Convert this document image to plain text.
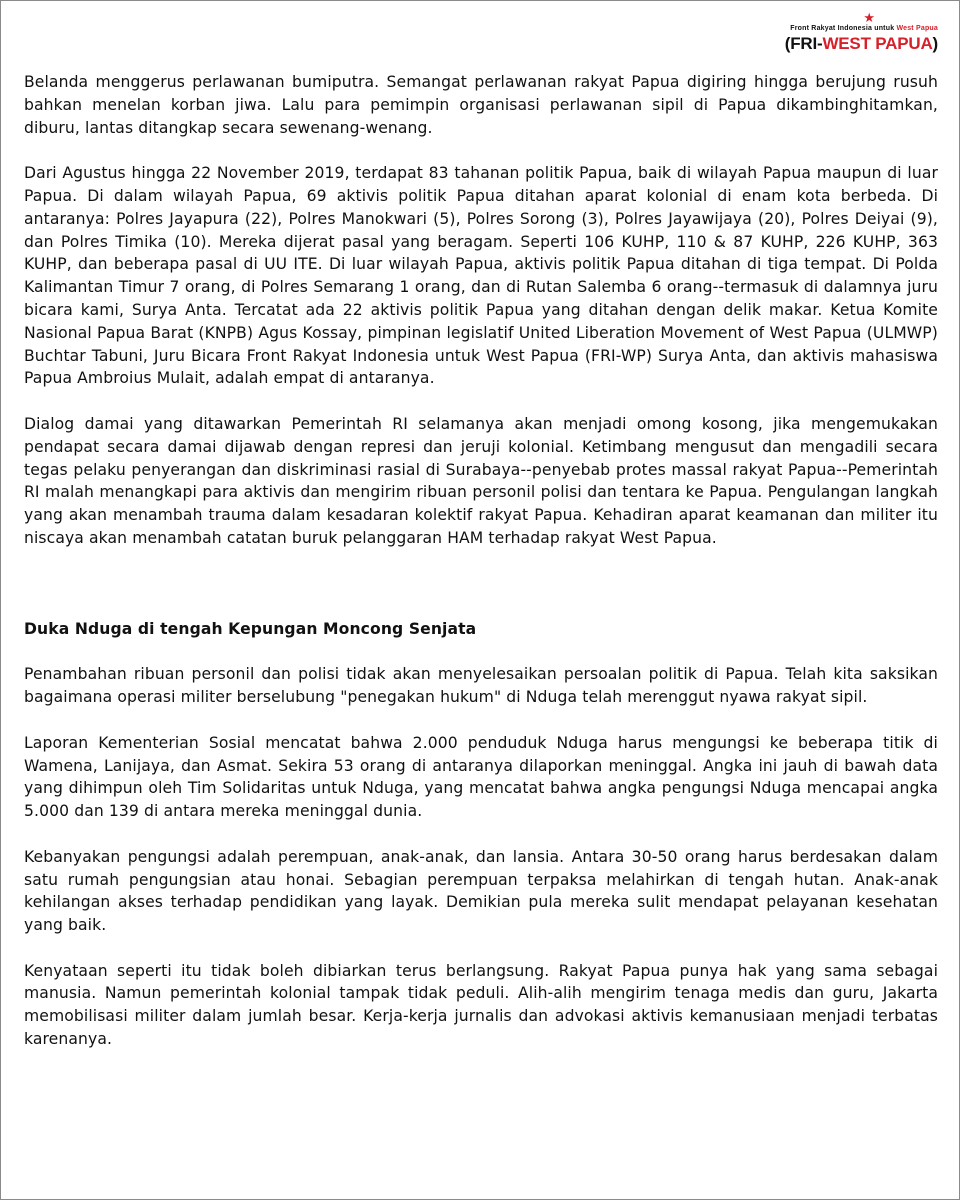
★
Front Rakyat Indonesia untuk West Papua
(FRI-WEST PAPUA)

Belanda menggerus perlawanan bumiputra. Semangat perlawanan rakyat Papua digiring hingga berujung rusuh bahkan menelan korban jiwa. Lalu para pemimpin organisasi perlawanan sipil di Papua dikambinghitamkan, diburu, lantas ditangkap secara sewenang-wenang.

Dari Agustus hingga 22 November 2019, terdapat 83 tahanan politik Papua, baik di wilayah Papua maupun di luar Papua. Di dalam wilayah Papua, 69 aktivis politik Papua ditahan aparat kolonial di enam kota berbeda. Di antaranya: Polres Jayapura (22), Polres Manokwari (5), Polres Sorong (3), Polres Jayawijaya (20), Polres Deiyai (9), dan Polres Timika (10). Mereka dijerat pasal yang beragam. Seperti 106 KUHP, 110 & 87 KUHP, 226 KUHP, 363 KUHP, dan beberapa pasal di UU ITE. Di luar wilayah Papua, aktivis politik Papua ditahan di tiga tempat. Di Polda Kalimantan Timur 7 orang, di Polres Semarang 1 orang, dan di Rutan Salemba 6 orang--termasuk di dalamnya juru bicara kami, Surya Anta. Tercatat ada 22 aktivis politik Papua yang ditahan dengan delik makar. Ketua Komite Nasional Papua Barat (KNPB) Agus Kossay, pimpinan legislatif United Liberation Movement of West Papua (ULMWP) Buchtar Tabuni, Juru Bicara Front Rakyat Indonesia untuk West Papua (FRI-WP) Surya Anta, dan aktivis mahasiswa Papua Ambroius Mulait, adalah empat di antaranya.

Dialog damai yang ditawarkan Pemerintah RI selamanya akan menjadi omong kosong, jika mengemukakan pendapat secara damai dijawab dengan represi dan jeruji kolonial. Ketimbang mengusut dan mengadili secara tegas pelaku penyerangan dan diskriminasi rasial di Surabaya--penyebab protes massal rakyat Papua--Pemerintah RI malah menangkapi para aktivis dan mengirim ribuan personil polisi dan tentara ke Papua. Pengulangan langkah yang akan menambah trauma dalam kesadaran kolektif rakyat Papua. Kehadiran aparat keamanan dan militer itu niscaya akan menambah catatan buruk pelanggaran HAM terhadap rakyat West Papua.

Duka Nduga di tengah Kepungan Moncong Senjata

Penambahan ribuan personil dan polisi tidak akan menyelesaikan persoalan politik di Papua. Telah kita saksikan bagaimana operasi militer berselubung "penegakan hukum" di Nduga telah merenggut nyawa rakyat sipil.

Laporan Kementerian Sosial mencatat bahwa 2.000 penduduk Nduga harus mengungsi ke beberapa titik di Wamena, Lanijaya, dan Asmat. Sekira 53 orang di antaranya dilaporkan meninggal. Angka ini jauh di bawah data yang dihimpun oleh Tim Solidaritas untuk Nduga, yang mencatat bahwa angka pengungsi Nduga mencapai angka 5.000 dan 139 di antara mereka meninggal dunia.

Kebanyakan pengungsi adalah perempuan, anak-anak, dan lansia. Antara 30-50 orang harus berdesakan dalam satu rumah pengungsian atau honai. Sebagian perempuan terpaksa melahirkan di tengah hutan. Anak-anak kehilangan akses terhadap pendidikan yang layak. Demikian pula mereka sulit mendapat pelayanan kesehatan yang baik.

Kenyataan seperti itu tidak boleh dibiarkan terus berlangsung. Rakyat Papua punya hak yang sama sebagai manusia. Namun pemerintah kolonial tampak tidak peduli. Alih-alih mengirim tenaga medis dan guru, Jakarta memobilisasi militer dalam jumlah besar. Kerja-kerja jurnalis dan advokasi aktivis kemanusiaan menjadi terbatas karenanya.
